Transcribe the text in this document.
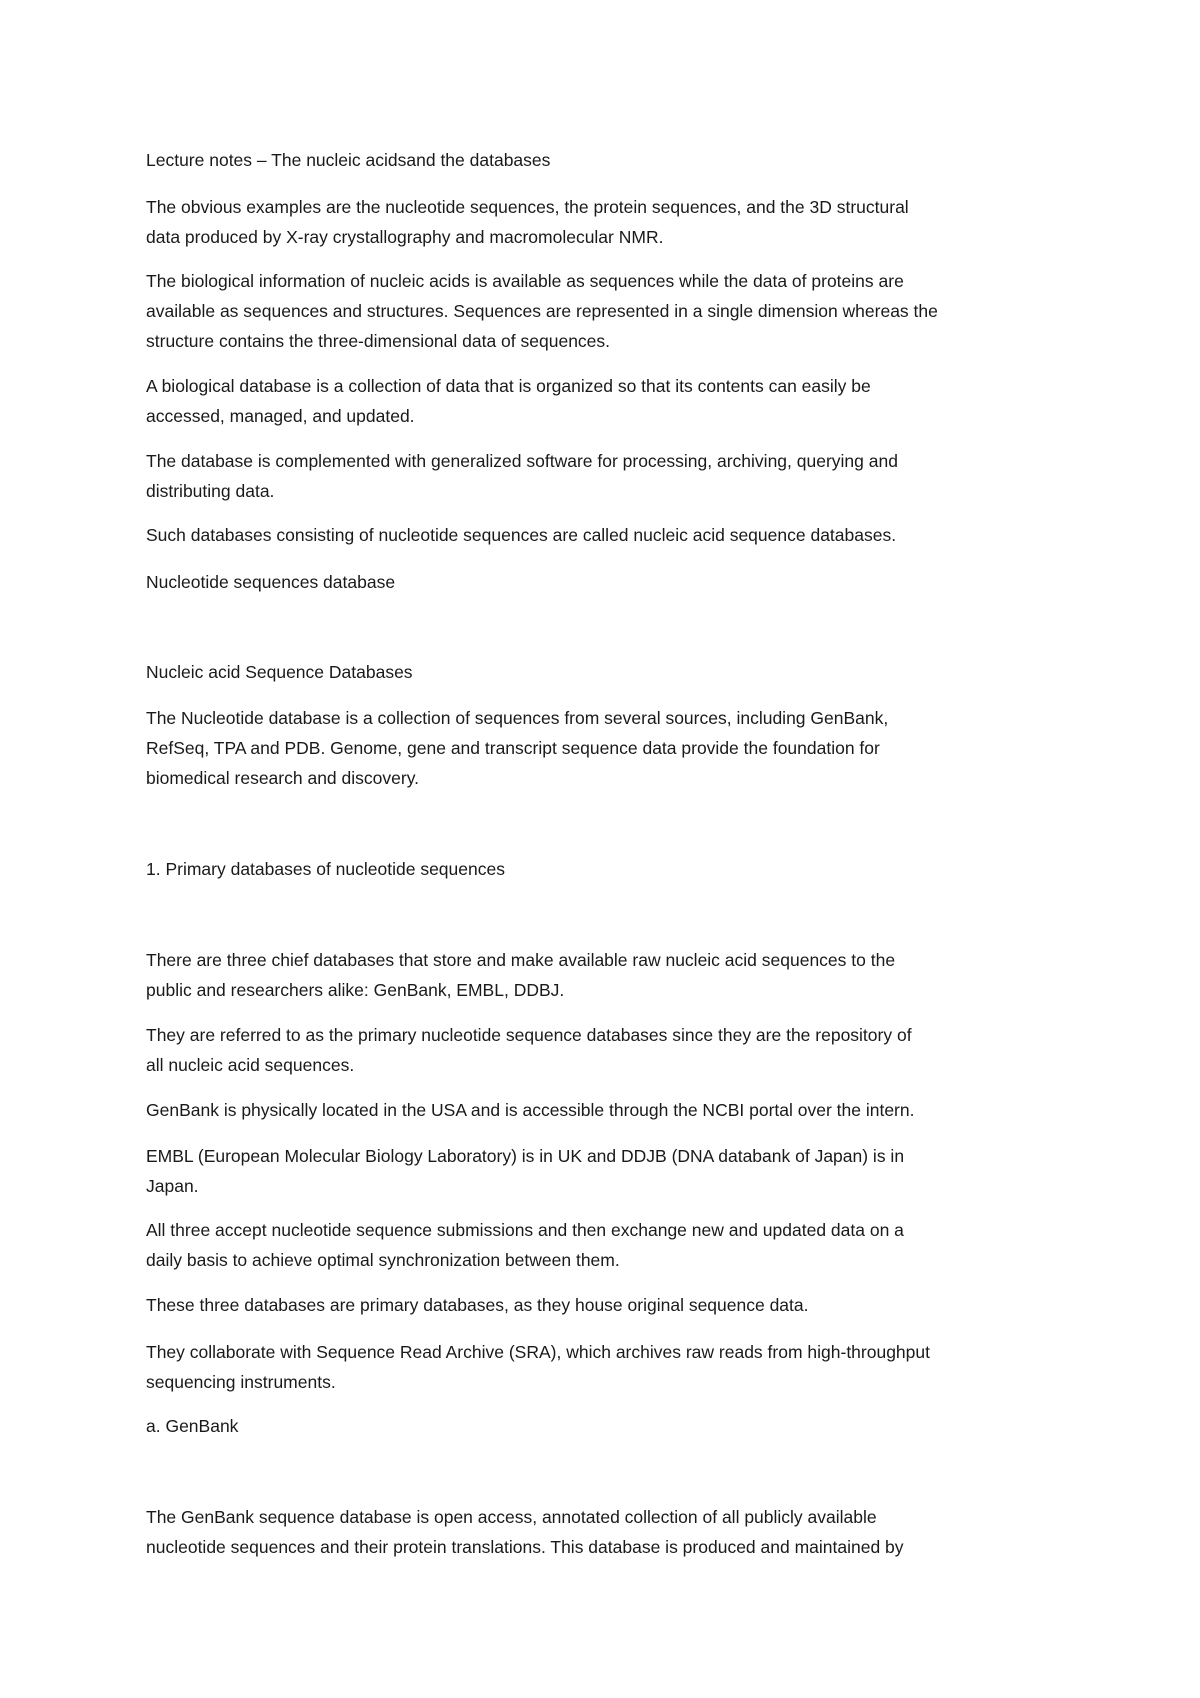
Lecture notes – The nucleic acidsand the databases

The obvious examples are the nucleotide sequences, the protein sequences, and the 3D structural
data produced by X-ray crystallography and macromolecular NMR.

The biological information of nucleic acids is available as sequences while the data of proteins are
available as sequences and structures. Sequences are represented in a single dimension whereas the
structure contains the three-dimensional data of sequences.

A biological database is a collection of data that is organized so that its contents can easily be
accessed, managed, and updated.

The database is complemented with generalized software for processing, archiving, querying and
distributing data.

Such databases consisting of nucleotide sequences are called nucleic acid sequence databases.

Nucleotide sequences database

Nucleic acid Sequence Databases

The Nucleotide database is a collection of sequences from several sources, including GenBank,
RefSeq, TPA and PDB. Genome, gene and transcript sequence data provide the foundation for
biomedical research and discovery.

1. Primary databases of nucleotide sequences

There are three chief databases that store and make available raw nucleic acid sequences to the
public and researchers alike: GenBank, EMBL, DDBJ.

They are referred to as the primary nucleotide sequence databases since they are the repository of
all nucleic acid sequences.

GenBank is physically located in the USA and is accessible through the NCBI portal over the intern.

EMBL (European Molecular Biology Laboratory) is in UK and DDJB (DNA databank of Japan) is in
Japan.

All three accept nucleotide sequence submissions and then exchange new and updated data on a
daily basis to achieve optimal synchronization between them.

These three databases are primary databases, as they house original sequence data.

They collaborate with Sequence Read Archive (SRA), which archives raw reads from high-throughput
sequencing instruments.

a. GenBank

The GenBank sequence database is open access, annotated collection of all publicly available
nucleotide sequences and their protein translations. This database is produced and maintained by
